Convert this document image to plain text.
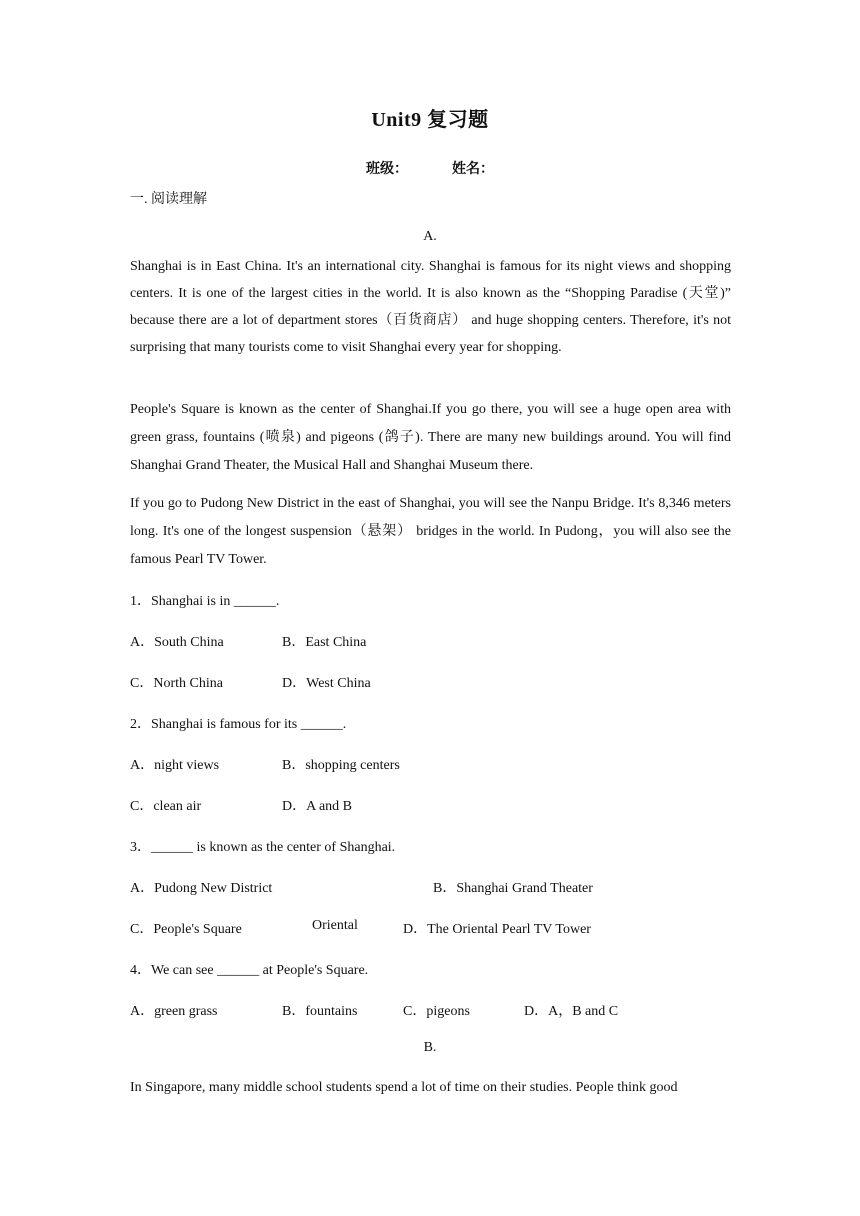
Unit9 复习题
班级：	姓名：
一. 阅读理解
A.
Shanghai is in East China. It's an international city. Shanghai is famous for its night views and shopping centers. It is one of the largest cities in the world. It is also known as the “Shopping Paradise (天堂)” because there are a lot of department stores（百货商店） and huge shopping centers. Therefore, it's not surprising that many tourists come to visit Shanghai every year for shopping.
People's Square is known as the center of Shanghai.If you go there, you will see a huge open area with green grass, fountains (喷泉) and pigeons (鸽子). There are many new buildings around. You will find Shanghai Grand Theater, the Musical Hall and Shanghai Museum there.
If you go to Pudong New District in the east of Shanghai, you will see the Nanpu Bridge. It's 8,346 meters long. It's one of the longest suspension（悬架） bridges in the world. In Pudong，you will also see the famous Pearl TV Tower.
1．Shanghai is in ______.
A．South China	B．East China
C．North China	D．West China
2．Shanghai is famous for its ______.
A．night views	B．shopping centers
C．clean air	D．A and B
3．______ is known as the center of Shanghai.
A．Pudong New District	B．Shanghai Grand Theater
C．People's Square	Oriental	D．The Oriental Pearl TV Tower
4．We can see ______ at People's Square.
A．green grass	B．fountains	C．pigeons	D．A，B and C
B.
In Singapore, many middle school students spend a lot of time on their studies. People think good
